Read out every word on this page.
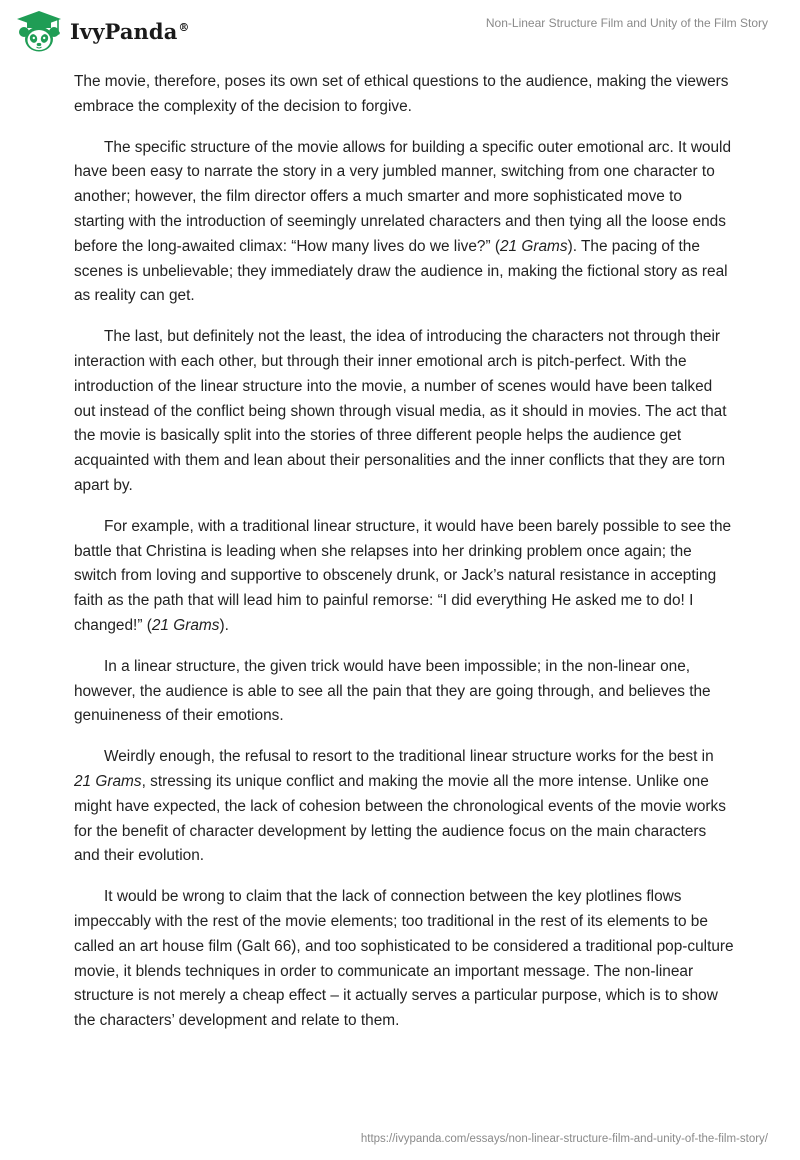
IvyPanda®	Non-Linear Structure Film and Unity of the Film Story

The movie, therefore, poses its own set of ethical questions to the audience, making the viewers embrace the complexity of the decision to forgive.

The specific structure of the movie allows for building a specific outer emotional arc. It would have been easy to narrate the story in a very jumbled manner, switching from one character to another; however, the film director offers a much smarter and more sophisticated move to starting with the introduction of seemingly unrelated characters and then tying all the loose ends before the long-awaited climax: “How many lives do we live?” (21 Grams). The pacing of the scenes is unbelievable; they immediately draw the audience in, making the fictional story as real as reality can get.

The last, but definitely not the least, the idea of introducing the characters not through their interaction with each other, but through their inner emotional arch is pitch-perfect. With the introduction of the linear structure into the movie, a number of scenes would have been talked out instead of the conflict being shown through visual media, as it should in movies. The act that the movie is basically split into the stories of three different people helps the audience get acquainted with them and lean about their personalities and the inner conflicts that they are torn apart by.

For example, with a traditional linear structure, it would have been barely possible to see the battle that Christina is leading when she relapses into her drinking problem once again; the switch from loving and supportive to obscenely drunk, or Jack’s natural resistance in accepting faith as the path that will lead him to painful remorse: “I did everything He asked me to do! I changed!” (21 Grams).

In a linear structure, the given trick would have been impossible; in the non-linear one, however, the audience is able to see all the pain that they are going through, and believes the genuineness of their emotions.

Weirdly enough, the refusal to resort to the traditional linear structure works for the best in 21 Grams, stressing its unique conflict and making the movie all the more intense. Unlike one might have expected, the lack of cohesion between the chronological events of the movie works for the benefit of character development by letting the audience focus on the main characters and their evolution.

It would be wrong to claim that the lack of connection between the key plotlines flows impeccably with the rest of the movie elements; too traditional in the rest of its elements to be called an art house film (Galt 66), and too sophisticated to be considered a traditional pop-culture movie, it blends techniques in order to communicate an important message. The non-linear structure is not merely a cheap effect – it actually serves a particular purpose, which is to show the characters’ development and relate to them.

https://ivypanda.com/essays/non-linear-structure-film-and-unity-of-the-film-story/
